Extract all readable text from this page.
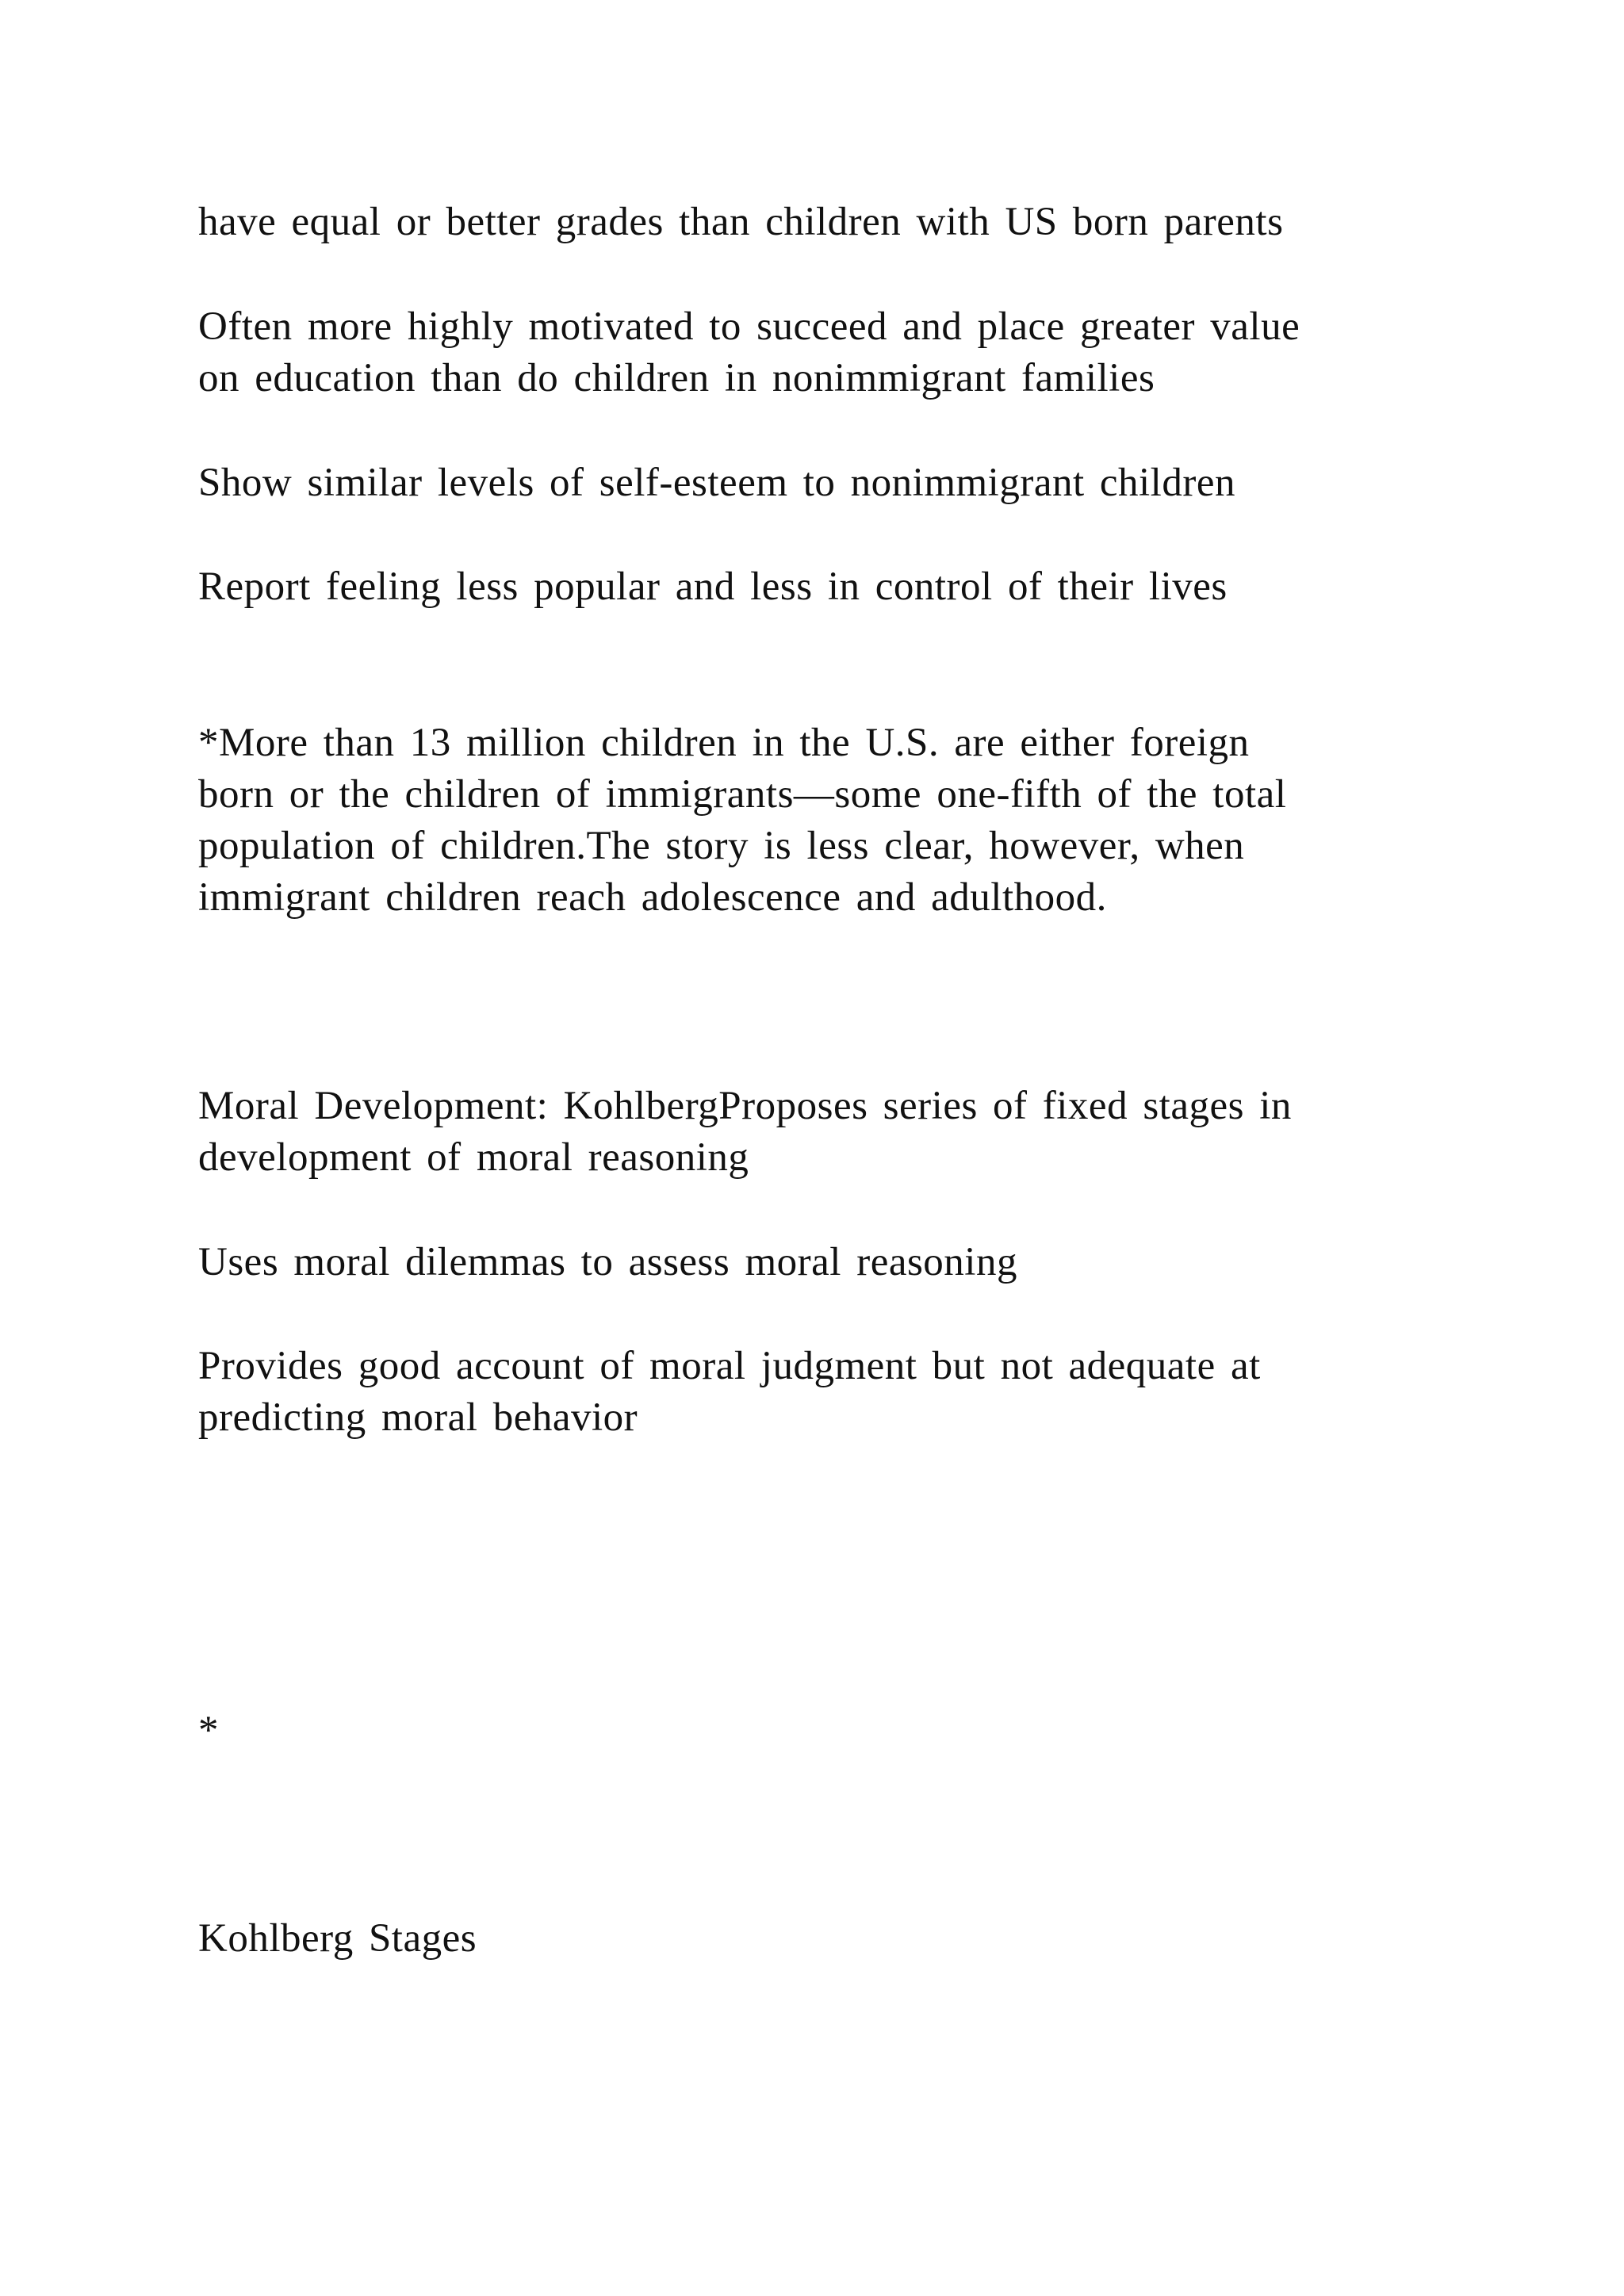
have equal or better grades than children with US born parents

Often more highly motivated to succeed and place greater value

on education than do children in nonimmigrant families

Show similar levels of self-esteem to nonimmigrant children

Report feeling less popular and less in control of their lives

*More than 13 million children in the U.S. are either foreign

born or the children of immigrants—some one-fifth of the total

population of children.The story is less clear, however, when

immigrant children reach adolescence and adulthood.

Moral Development: KohlbergProposes series of fixed stages in

development of moral reasoning

Uses moral dilemmas to assess moral reasoning

Provides good account of moral judgment but not adequate at

predicting moral behavior

*

Kohlberg Stages
